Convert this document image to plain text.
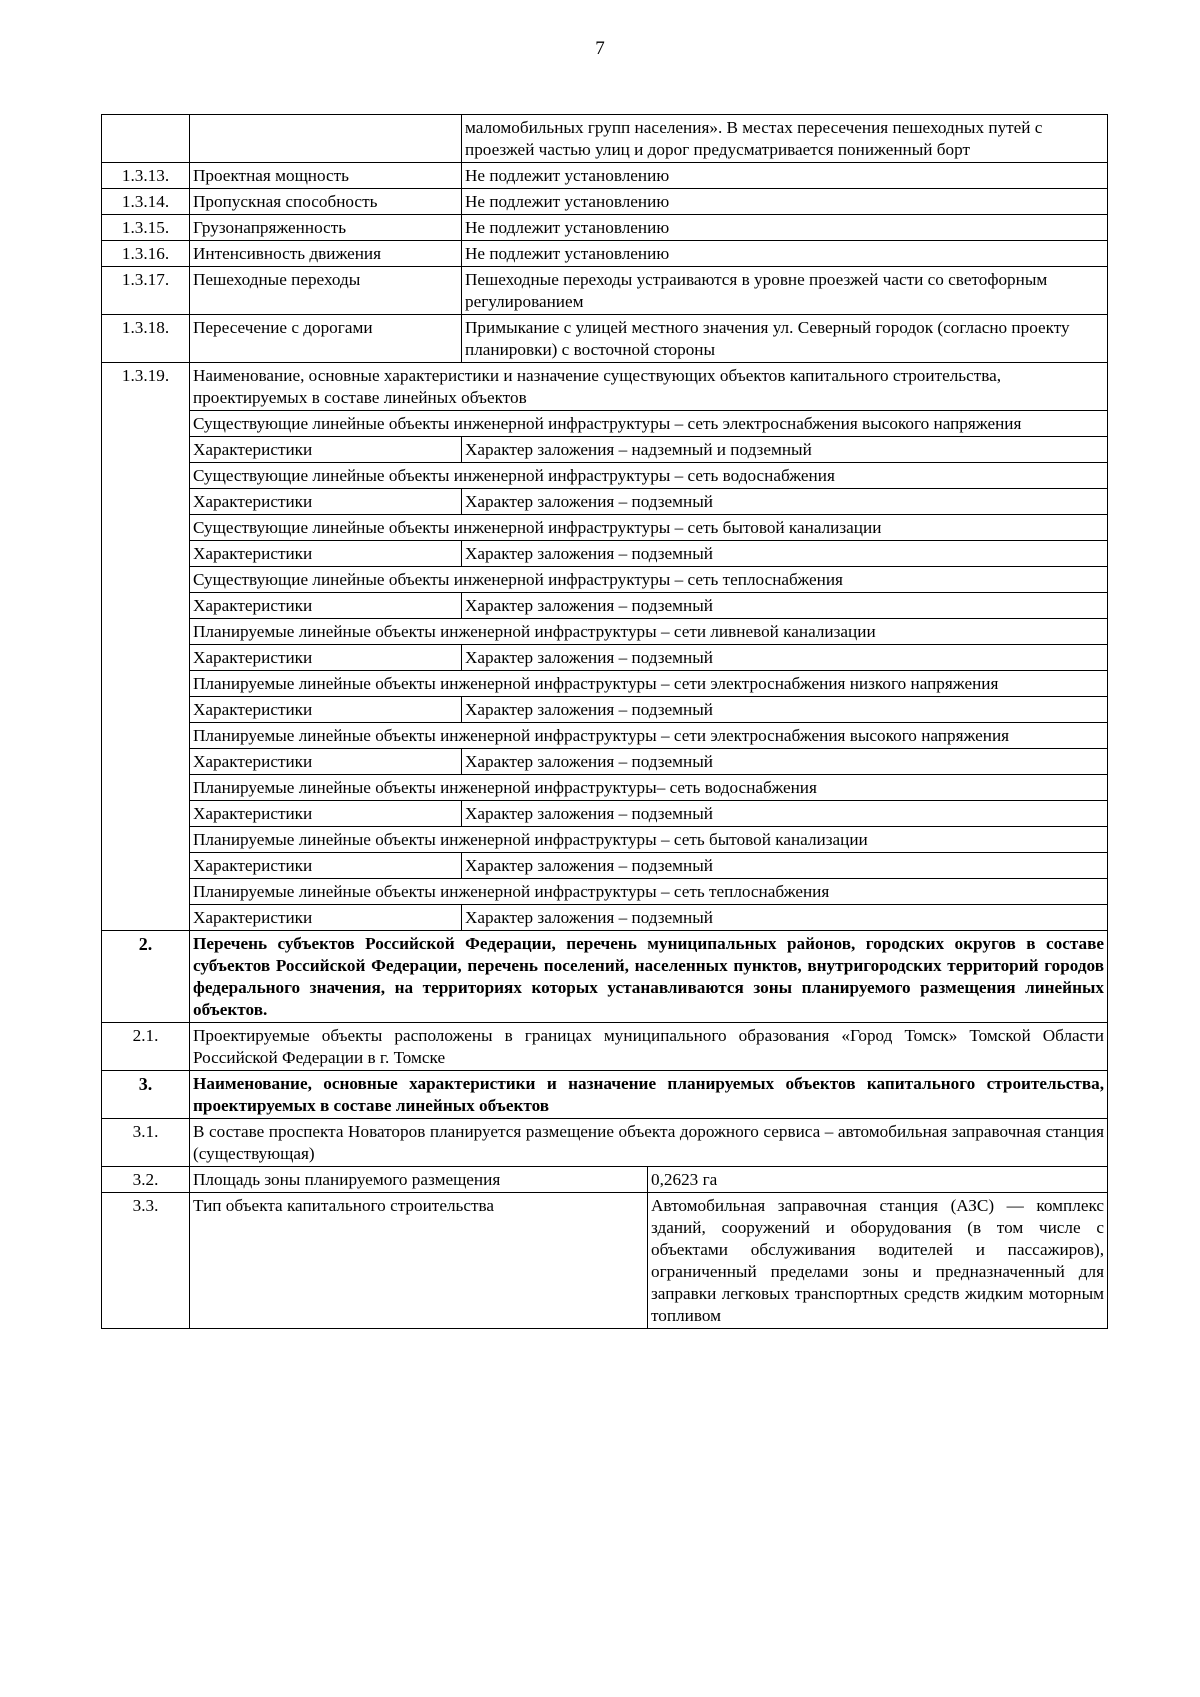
7
		маломобильных групп населения». В местах пересечения пешеходных путей с проезжей частью улиц и дорог предусматривается пониженный борт	
1.3.13.	Проектная мощность	Не подлежит установлению	
1.3.14.	Пропускная способность	Не подлежит установлению	
1.3.15.	Грузонапряженность	Не подлежит установлению	
1.3.16.	Интенсивность движения	Не подлежит установлению	
1.3.17.	Пешеходные переходы	Пешеходные переходы устраиваются в уровне проезжей части со светофорным регулированием	
1.3.18.	Пересечение с дорогами	Примыкание с улицей местного значения ул. Северный городок (согласно проекту планировки) с восточной стороны	
1.3.19.	Наименование, основные характеристики и назначение существующих объектов капитального строительства, проектируемых в составе линейных объектов		
	Существующие линейные объекты инженерной инфраструктуры – сеть электроснабжения высокого напряжения		
	Характеристики	Характер заложения – надземный и подземный	
	Существующие линейные объекты инженерной инфраструктуры – сеть водоснабжения		
	Характеристики	Характер заложения – подземный	
	Существующие линейные объекты инженерной инфраструктуры – сеть бытовой канализации		
	Характеристики	Характер заложения – подземный	
	Существующие линейные объекты инженерной инфраструктуры – сеть теплоснабжения		
	Характеристики	Характер заложения – подземный	
	Планируемые линейные объекты инженерной инфраструктуры – сети ливневой канализации		
	Характеристики	Характер заложения – подземный	
	Планируемые линейные объекты инженерной инфраструктуры – сети электроснабжения низкого напряжения		
	Характеристики	Характер заложения – подземный	
	Планируемые линейные объекты инженерной инфраструктуры – сети электроснабжения высокого напряжения		
	Характеристики	Характер заложения – подземный	
	Планируемые линейные объекты инженерной инфраструктуры– сеть водоснабжения		
	Характеристики	Характер заложения – подземный	
	Планируемые линейные объекты инженерной инфраструктуры – сеть бытовой канализации		
	Характеристики	Характер заложения – подземный	
	Планируемые линейные объекты инженерной инфраструктуры – сеть теплоснабжения		
	Характеристики	Характер заложения – подземный	
2.	Перечень субъектов Российской Федерации, перечень муниципальных районов, городских округов в составе субъектов Российской Федерации, перечень поселений, населенных пунктов, внутригородских территорий городов федерального значения, на территориях которых устанавливаются зоны планируемого размещения линейных объектов.		
2.1.	Проектируемые объекты расположены в границах муниципального образования «Город Томск» Томской Области Российской Федерации в г. Томске		
3.	Наименование, основные характеристики и назначение планируемых объектов капитального строительства, проектируемых в составе линейных объектов		
3.1.	В составе проспекта Новаторов планируется размещение объекта дорожного сервиса – автомобильная заправочная станция (существующая)		
3.2.	Площадь зоны планируемого размещения		0,2623 га
3.3.	Тип объекта капитального строительства		Автомобильная заправочная станция (АЗС) — комплекс зданий, сооружений и оборудования (в том числе с объектами обслуживания водителей и пассажиров), ограниченный пределами зоны и предназначенный для заправки легковых транспортных средств жидким моторным топливом
